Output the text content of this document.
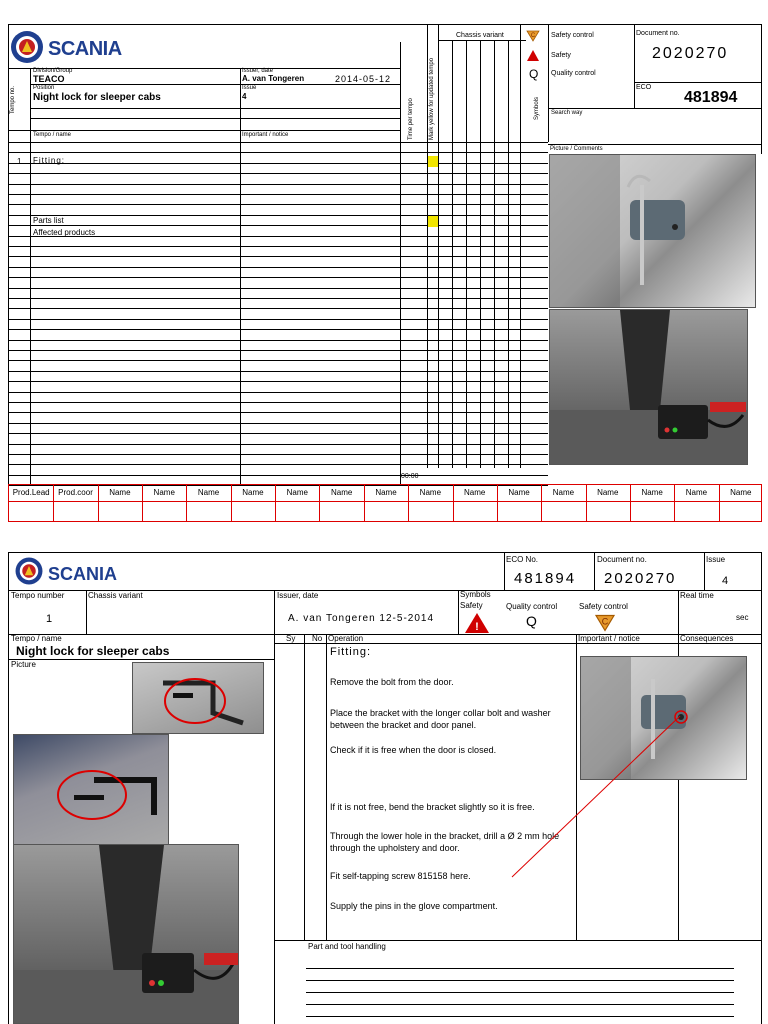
SCANIA
Tempo no.
Division/Group
TEACO
Position
Night lock for sleeper cabs
Issuer, date
A. van Tongeren	2014-05-12
Issue
4
Tempo / name	Important / notice	Time per tempo	Mark yellow for updated tempo
Chassis variant	C Safety control
Safety
Q Quality control
Symbols
Document no.
2020270
ECO
481894
Search way
Picture / Comments
1 Fitting:
Parts list
Affected products
00:00
Prod.Lead	Prod.coor	Name	Name	Name	Name	Name	Name	Name	Name	Name	Name	Name	Name	Name	Name	Name
SCANIA
ECO No.
481894
Document no.
2020270
Issue
4
Tempo number
1
Chassis variant	Issuer, date
A. van Tongeren 12-5-2014
Symbols
Safety
!
Quality control
Q
Safety control
C
Real time
sec
Tempo / name
Night lock for sleeper cabs
Picture
Sy No Operation	Important / notice	Consequences
Fitting:
Remove the bolt from the door.
Place the bracket with the longer collar bolt and washer between the bracket and door panel.
Check if it is free when the door is closed.
If it is not free, bend the bracket slightly so it is free.
Through the lower hole in the bracket, drill a Ø 2 mm hole through the upholstery and door.
Fit self-tapping screw 815158 here.
Supply the pins in the glove compartment.
Part and tool handling
